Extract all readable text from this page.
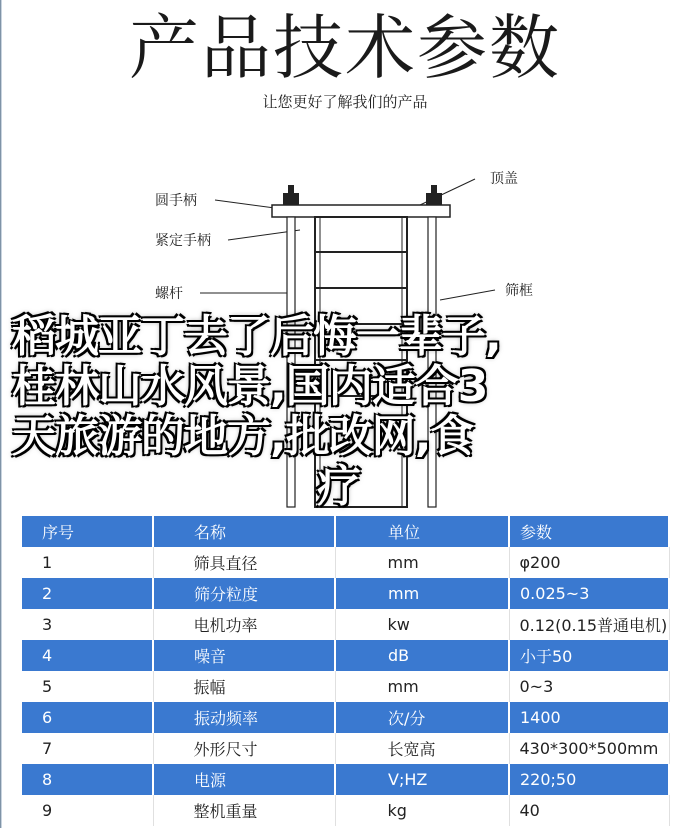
产品技术参数
让您更好了解我们的产品
顶盖
圆手柄
紧定手柄
螺杆	筛框
稻城亚丁去了后悔一辈子,
桂林山水风景,国内适合3
天旅游的地方,批改网,食
疗
序号	名称	单位	参数
1	筛具直径	mm	φ200
2	筛分粒度	mm	0.025~3
3	电机功率	kw	0.12(0.15普通电机)
4	噪音	dB	小于50
5	振幅	mm	0~3
6	振动频率	次/分	1400
7	外形尺寸	长宽高	430*300*500mm
8	电源	V;HZ	220;50
9	整机重量	kg	40
